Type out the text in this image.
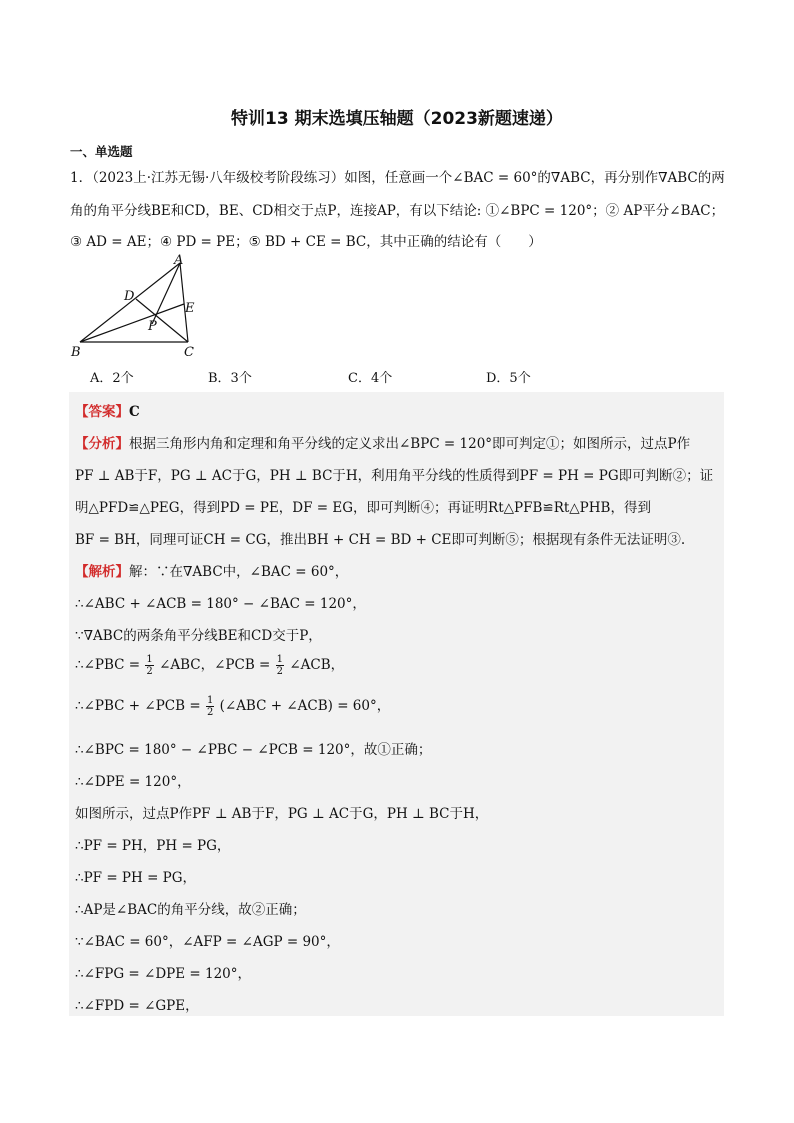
特训13 期末选填压轴题（2023新题速递）
一、单选题
1．（2023上·江苏无锡·八年级校考阶段练习）如图，任意画一个∠BAC = 60°的∇ABC，再分别作∇ABC的两
角的角平分线BE和CD，BE、CD相交于点P，连接AP，有以下结论: ①∠BPC = 120°；② AP平分∠BAC；
③ AD = AE；④ PD = PE；⑤ BD + CE = BC，其中正确的结论有（　　）
A
B	C
D
E
P
A．2个	B．3个	C．4个	D．5个
【答案】C
【分析】根据三角形内角和定理和角平分线的定义求出∠BPC = 120°即可判定①；如图所示，过点P作
PF ⊥ AB于F，PG ⊥ AC于G，PH ⊥ BC于H，利用角平分线的性质得到PF = PH = PG即可判断②；证
明△PFD≌△PEG，得到PD = PE，DF = EG，即可判断④；再证明Rt△PFB≌Rt△PHB，得到
BF = BH，同理可证CH = CG，推出BH + CH = BD + CE即可判断⑤；根据现有条件无法证明③.
【解析】解：∵在∇ABC中，∠BAC = 60°，
∴∠ABC + ∠ACB = 180° − ∠BAC = 120°，
∵∇ABC的两条角平分线BE和CD交于P，
∴∠PBC = $\frac{1}{2}$ ∠ABC，∠PCB = $\frac{1}{2}$ ∠ACB，
∴∠PBC + ∠PCB = $\frac{1}{2}$ (∠ABC + ∠ACB) = 60°，
∴∠BPC = 180° − ∠PBC − ∠PCB = 120°，故①正确；
∴∠DPE = 120°，
如图所示，过点P作PF ⊥ AB于F，PG ⊥ AC于G，PH ⊥ BC于H，
∴PF = PH，PH = PG，
∴PF = PH = PG，
∴AP是∠BAC的角平分线，故②正确；
∵∠BAC = 60°，∠AFP = ∠AGP = 90°，
∴∠FPG = ∠DPE = 120°，
∴∠FPD = ∠GPE，
